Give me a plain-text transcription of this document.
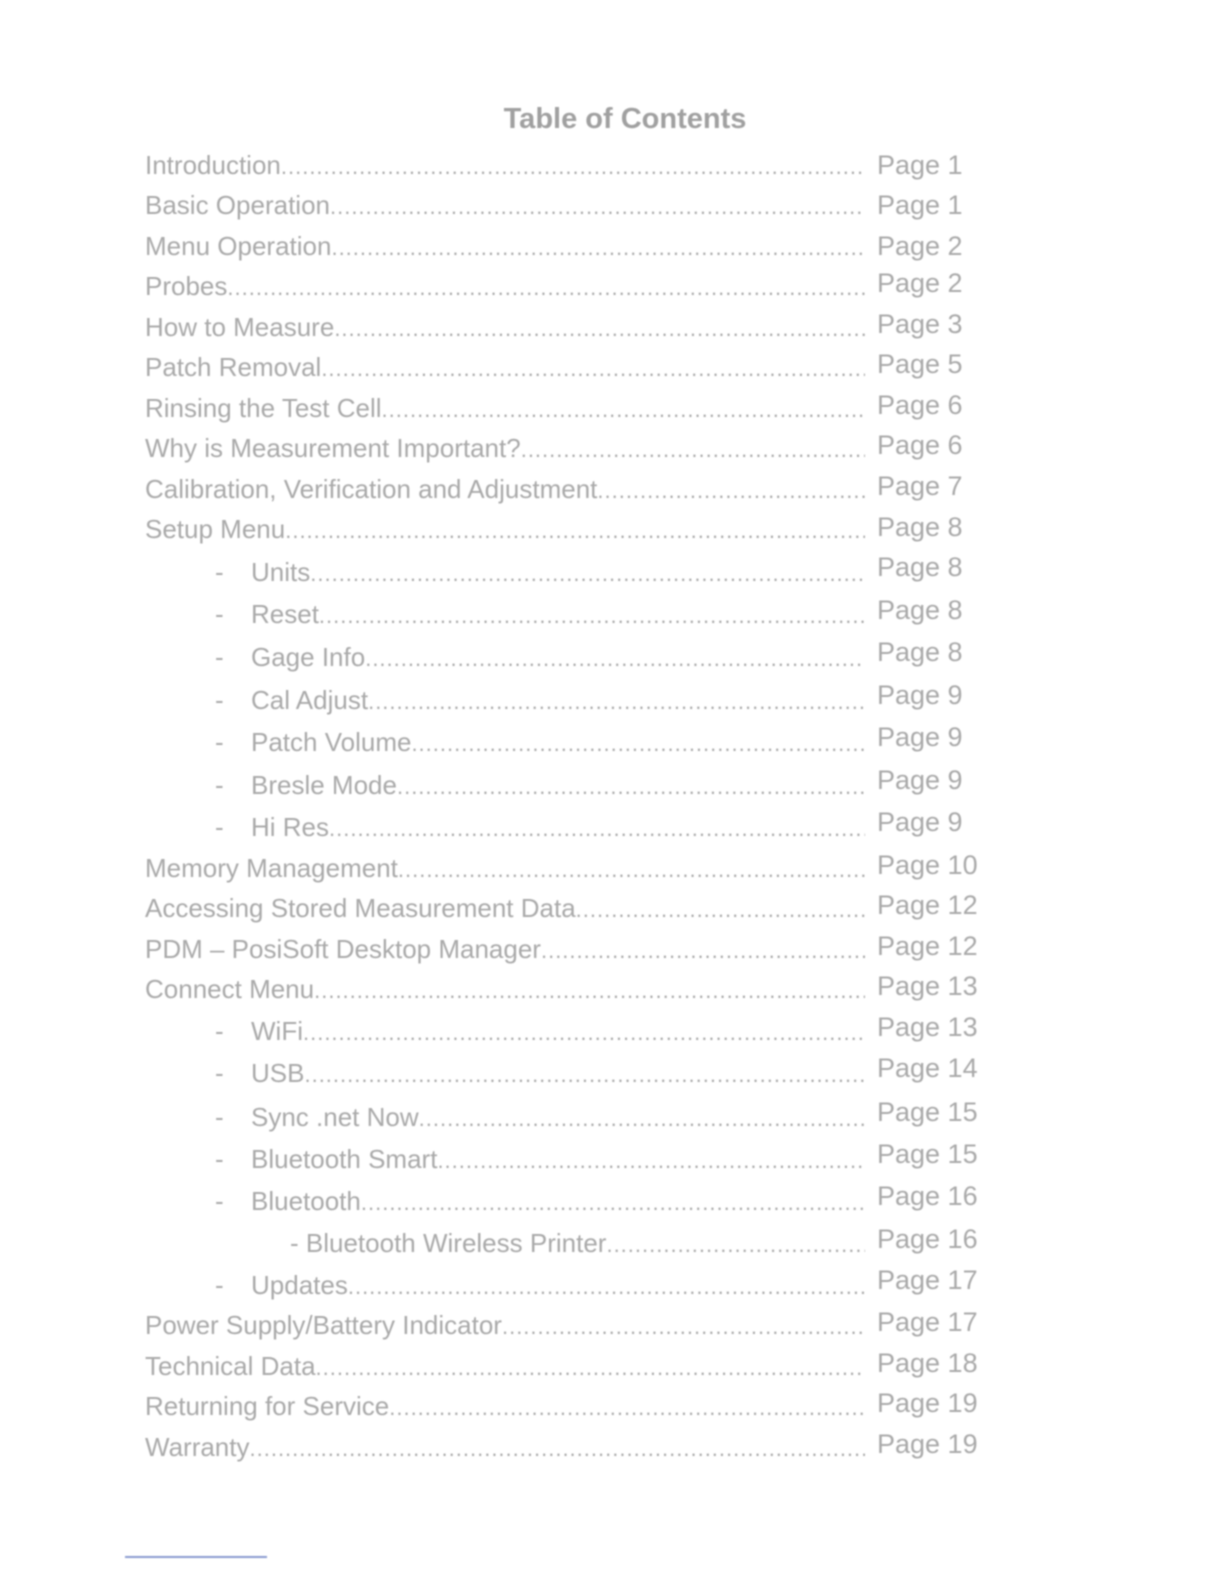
Table of Contents
Introduction .....	Page 1
Basic Operation .....	Page 1
Menu Operation .....	Page 2
Probes .....	Page 2
How to Measure .....	Page 3
Patch Removal .....	Page 5
Rinsing the Test Cell .....	Page 6
Why is Measurement Important? .....	Page 6
Calibration, Verification and Adjustment .....	Page 7
Setup Menu .....	Page 8
-	Units .....	Page 8
-	Reset .....	Page 8
-	Gage Info .....	Page 8
-	Cal Adjust .....	Page 9
-	Patch Volume .....	Page 9
-	Bresle Mode .....	Page 9
-	Hi Res .....	Page 9
Memory Management .....	Page 10
Accessing Stored Measurement Data .....	Page 12
PDM – PosiSoft Desktop Manager .....	Page 12
Connect Menu .....	Page 13
-	WiFi .....	Page 13
-	USB .....	Page 14
-	Sync .net Now .....	Page 15
-	Bluetooth Smart .....	Page 15
-	Bluetooth .....	Page 16
- Bluetooth Wireless Printer .....	Page 16
-	Updates .....	Page 17
Power Supply/Battery Indicator .....	Page 17
Technical Data .....	Page 18
Returning for Service .....	Page 19
Warranty .....	Page 19
